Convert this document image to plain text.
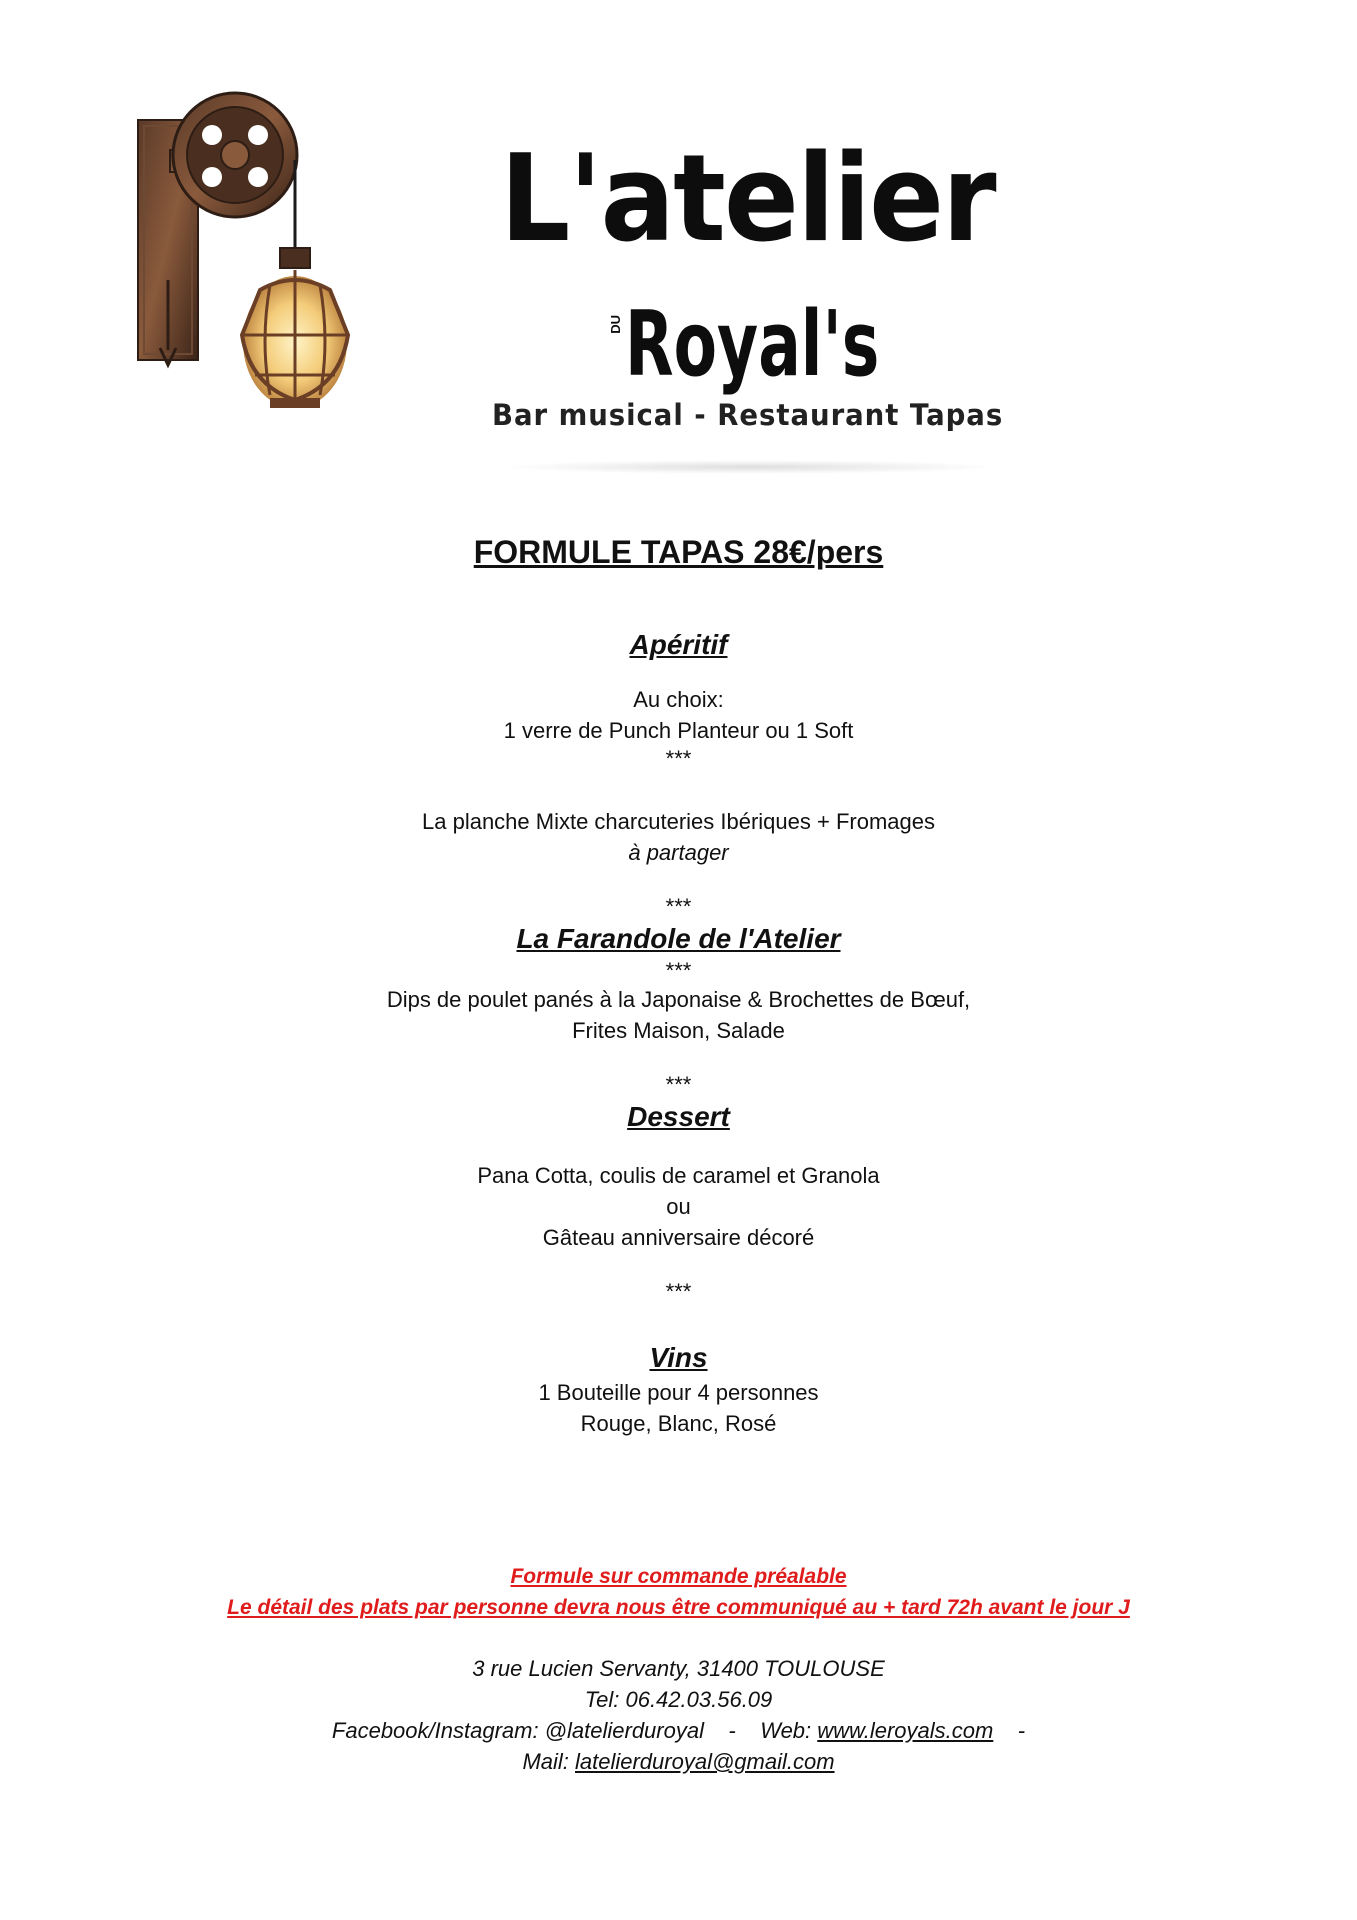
L'atelier
DU Royal's
Bar musical - Restaurant Tapas
FORMULE TAPAS 28€/pers
Apéritif
Au choix:
1 verre de Punch Planteur ou 1 Soft
***
La planche Mixte charcuteries Ibériques + Fromages
à partager
***
La Farandole de l'Atelier
***
Dips de poulet panés à la Japonaise & Brochettes de Bœuf,
Frites Maison, Salade
***
Dessert
Pana Cotta, coulis de caramel et Granola
ou
Gâteau anniversaire décoré
***
Vins
1 Bouteille pour 4 personnes
Rouge, Blanc, Rosé
Formule sur commande préalable
Le détail des plats par personne devra nous être communiqué au + tard 72h avant le jour J
3 rue Lucien Servanty, 31400 TOULOUSE
Tel: 06.42.03.56.09
Facebook/Instagram: @latelierduroyal    -    Web: www.leroyals.com    -
Mail: latelierduroyal@gmail.com
